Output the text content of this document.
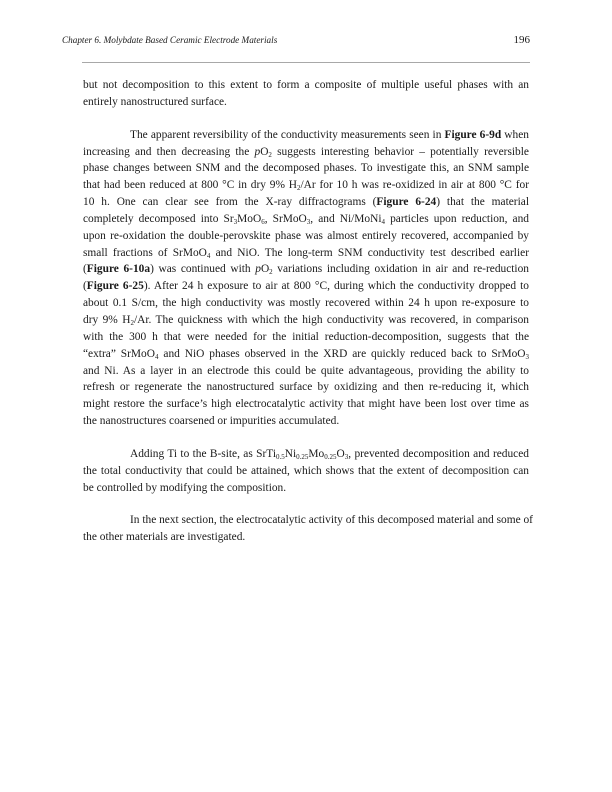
Chapter 6. Molybdate Based Ceramic Electrode Materials	196
but not decomposition to this extent to form a composite of multiple useful phases with an
entirely nanostructured surface.
The apparent reversibility of the conductivity measurements seen in Figure 6-9d when
increasing and then decreasing the $pO_2$ suggests interesting behavior – potentially reversible
phase changes between SNM and the decomposed phases. To investigate this, an SNM sample
that had been reduced at 800 °C in dry 9% $H_2/Ar$ for 10 h was re-oxidized in air at 800 °C for
10 h. One can clear see from the X-ray diffractograms (Figure 6-24) that the material
completely decomposed into $Sr_3MoO_6$, SrMoO$_3$, and Ni/MoNi$_4$ particles upon reduction, and
upon re-oxidation the double-perovskite phase was almost entirely recovered, accompanied by
small fractions of SrMoO$_4$ and NiO. The long-term SNM conductivity test described earlier
(Figure 6-10a) was continued with $pO_2$ variations including oxidation in air and re-reduction
(Figure 6-25). After 24 h exposure to air at 800 °C, during which the conductivity dropped to
about 0.1 S/cm, the high conductivity was mostly recovered within 24 h upon re-exposure to
dry 9% $H_2/Ar$. The quickness with which the high conductivity was recovered, in comparison
with the 300 h that were needed for the initial reduction-decomposition, suggests that the
“extra” SrMoO$_4$ and NiO phases observed in the XRD are quickly reduced back to SrMoO$_3$
and Ni. As a layer in an electrode this could be quite advantageous, providing the ability to
refresh or regenerate the nanostructured surface by oxidizing and then re-reducing it, which
might restore the surface’s high electrocatalytic activity that might have been lost over time as
the nanostructures coarsened or impurities accumulated.
Adding Ti to the B-site, as $SrTi_{0.5}Ni_{0.25}Mo_{0.25}O_3$, prevented decomposition and reduced
the total conductivity that could be attained, which shows that the extent of decomposition can
be controlled by modifying the composition.
In the next section, the electrocatalytic activity of this decomposed material and some of
the other materials are investigated.
